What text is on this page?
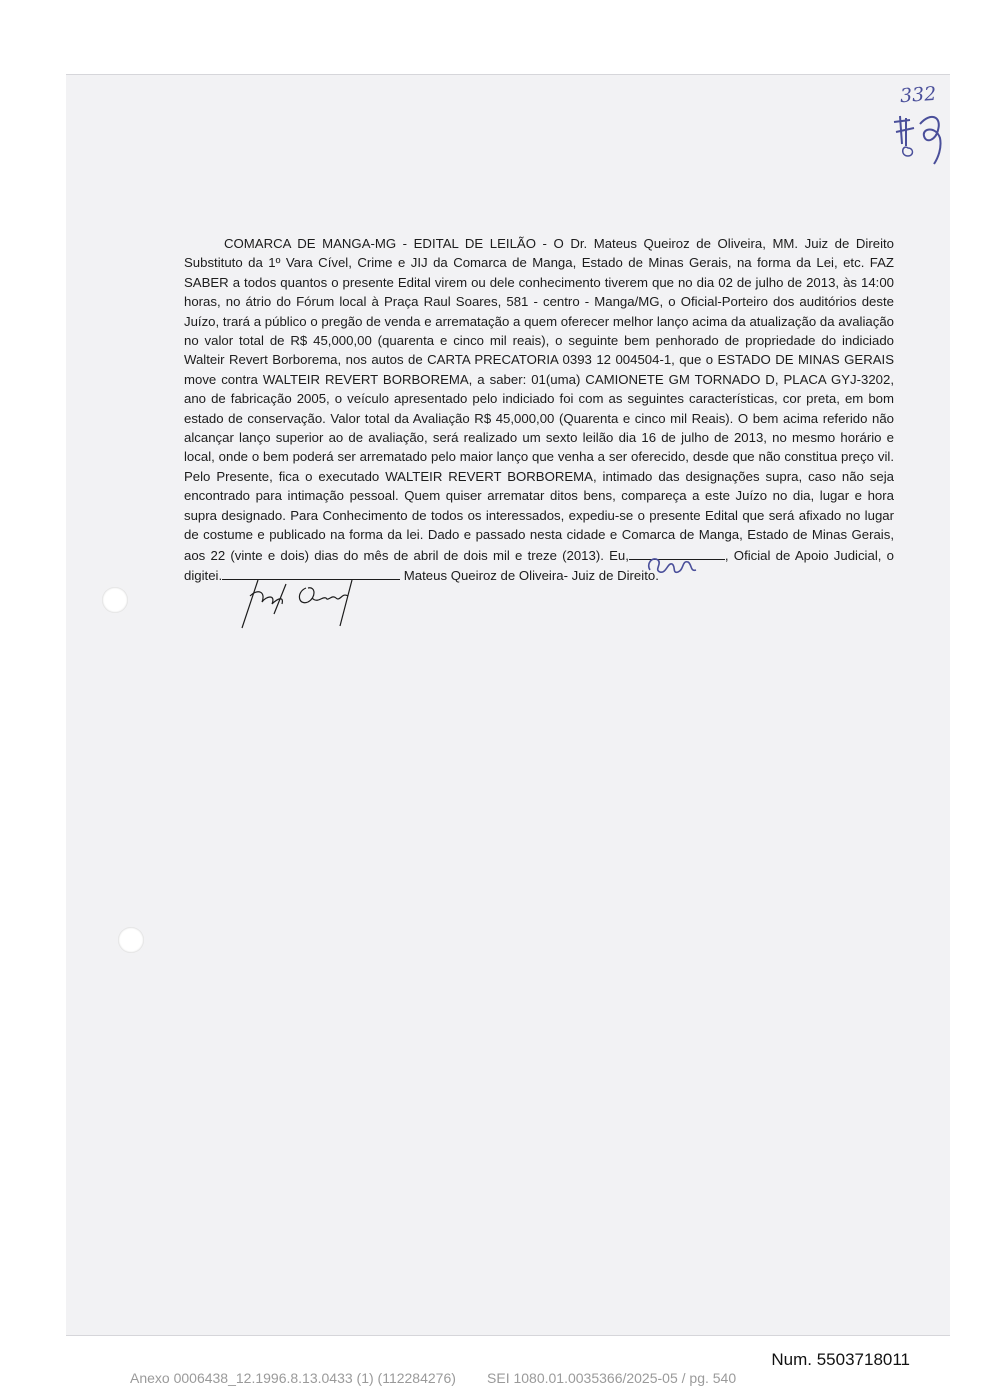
332

COMARCA DE MANGA-MG - EDITAL DE LEILÃO - O Dr. Mateus Queiroz de Oliveira, MM. Juiz de Direito Substituto da 1º Vara Cível, Crime e JIJ da Comarca de Manga, Estado de Minas Gerais, na forma da Lei, etc. FAZ SABER a todos quantos o presente Edital virem ou dele conhecimento tiverem que no dia 02 de julho de 2013, às 14:00 horas, no átrio do Fórum local à Praça Raul Soares, 581 - centro - Manga/MG, o Oficial-Porteiro dos auditórios deste Juízo, trará a público o pregão de venda e arrematação a quem oferecer melhor lanço acima da atualização da avaliação no valor total de R$ 45,000,00 (quarenta e cinco mil reais), o seguinte bem penhorado de propriedade do indiciado Walteir Revert Borborema, nos autos de CARTA PRECATORIA 0393 12 004504-1, que o ESTADO DE MINAS GERAIS move contra WALTEIR REVERT BORBOREMA, a saber: 01(uma) CAMIONETE GM TORNADO D, PLACA GYJ-3202, ano de fabricação 2005, o veículo apresentado pelo indiciado foi com as seguintes características, cor preta, em bom estado de conservação. Valor total da Avaliação R$ 45,000,00 (Quarenta e cinco mil Reais). O bem acima referido não alcançar lanço superior ao de avaliação, será realizado um sexto leilão dia 16 de julho de 2013, no mesmo horário e local, onde o bem poderá ser arrematado pelo maior lanço que venha a ser oferecido, desde que não constitua preço vil. Pelo Presente, fica o executado WALTEIR REVERT BORBOREMA, intimado das designações supra, caso não seja encontrado para intimação pessoal. Quem quiser arrematar ditos bens, compareça a este Juízo no dia, lugar e hora supra designado. Para Conhecimento de todos os interessados, expediu-se o presente Edital que será afixado no lugar de costume e publicado na forma da lei. Dado e passado nesta cidade e Comarca de Manga, Estado de Minas Gerais, aos 22 (vinte e dois) dias do mês de abril de dois mil e treze (2013). Eu,	, Oficial de Apoio Judicial, o digitei.	Mateus Queiroz de Oliveira- Juiz de Direito.

Num. 5503718011
Anexo 0006438_12.1996.8.13.0433 (1) (112284276)        SEI 1080.01.0035366/2025-05 / pg. 540
